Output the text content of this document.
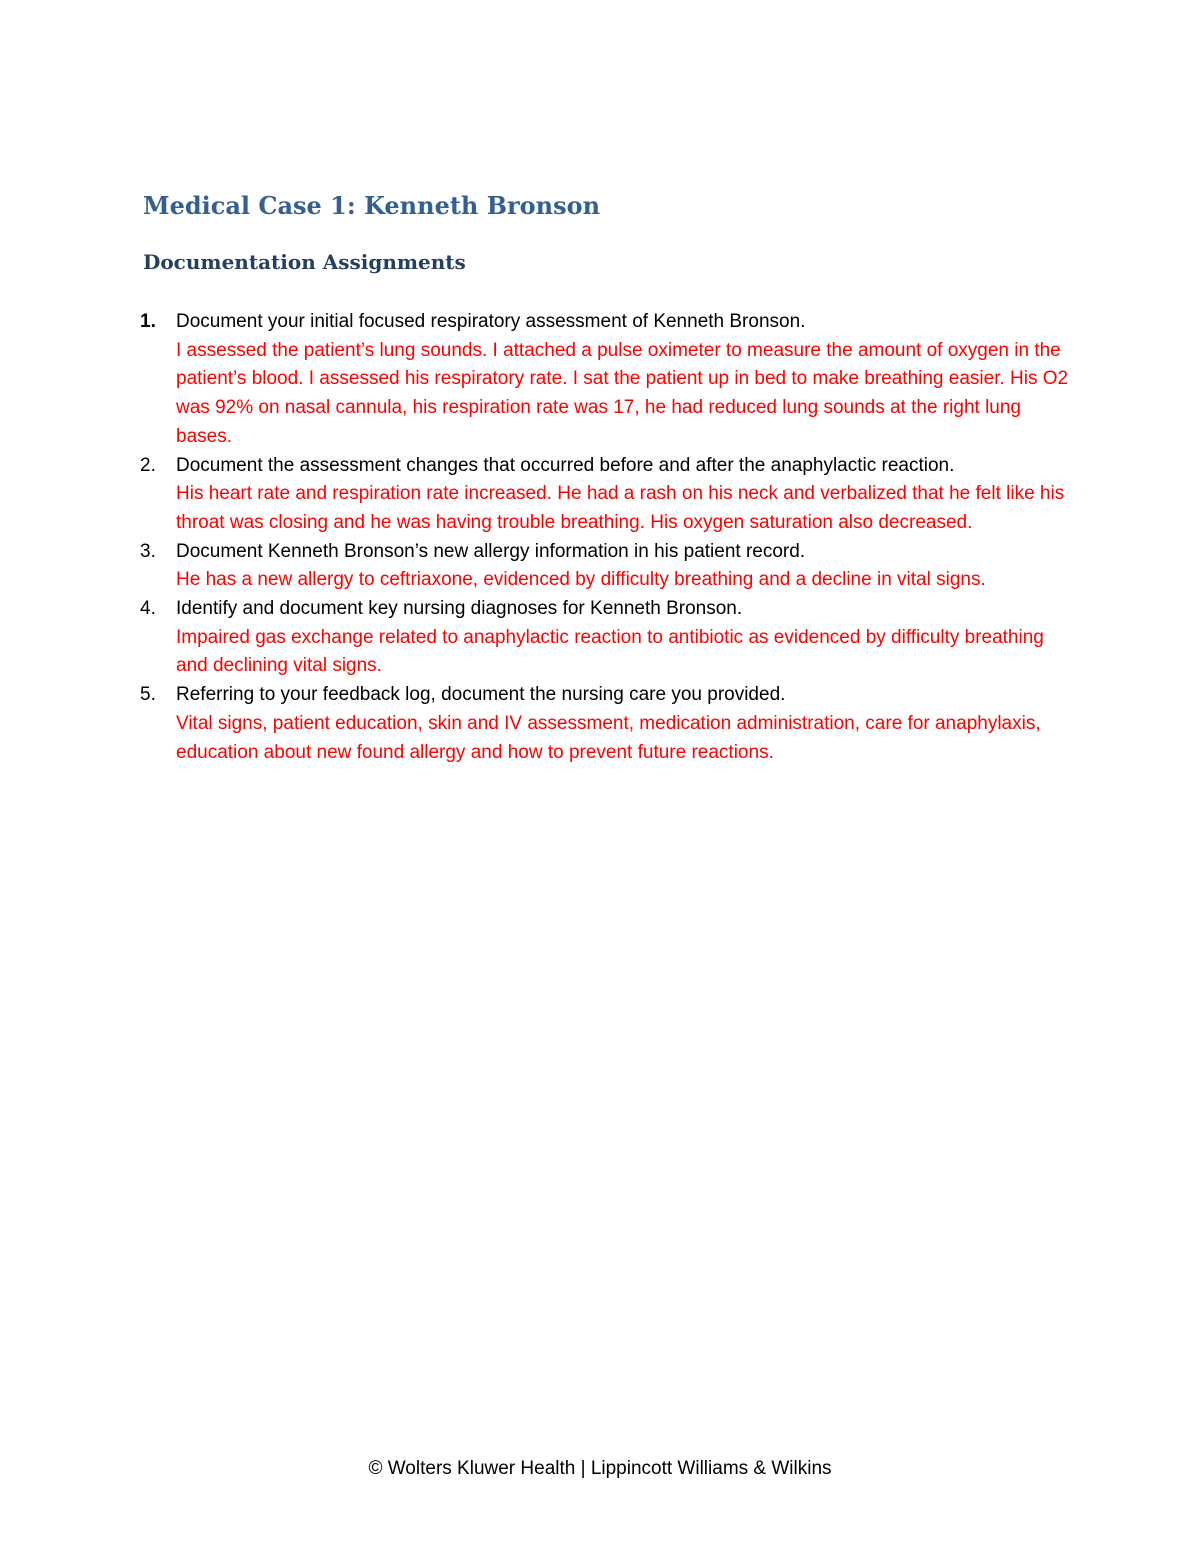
Medical Case 1: Kenneth Bronson
Documentation Assignments
1. Document your initial focused respiratory assessment of Kenneth Bronson.
I assessed the patient’s lung sounds. I attached a pulse oximeter to measure the amount of oxygen in the patient’s blood. I assessed his respiratory rate. I sat the patient up in bed to make breathing easier. His O2 was 92% on nasal cannula, his respiration rate was 17, he had reduced lung sounds at the right lung bases.
2. Document the assessment changes that occurred before and after the anaphylactic reaction.
His heart rate and respiration rate increased. He had a rash on his neck and verbalized that he felt like his throat was closing and he was having trouble breathing. His oxygen saturation also decreased.
3. Document Kenneth Bronson’s new allergy information in his patient record.
He has a new allergy to ceftriaxone, evidenced by difficulty breathing and a decline in vital signs.
4. Identify and document key nursing diagnoses for Kenneth Bronson.
Impaired gas exchange related to anaphylactic reaction to antibiotic as evidenced by difficulty breathing and declining vital signs.
5. Referring to your feedback log, document the nursing care you provided.
Vital signs, patient education, skin and IV assessment, medication administration, care for anaphylaxis, education about new found allergy and how to prevent future reactions.
© Wolters Kluwer Health | Lippincott Williams & Wilkins
